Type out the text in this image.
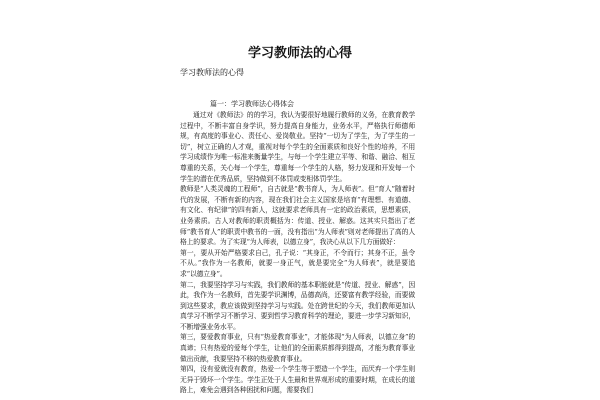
学习教师法的心得
学习教师法的心得

篇一：学习教师法心得体会

通过对《教师法》的的学习，我认为要很好地履行教师的义务，在教育教学过程中，不断丰富自身学识，努力提高自身能力，业务水平，严格执行师德师规，有高度的事业心、责任心、爱岗敬业。坚持“一切为了学生，为了学生的一切”，树立正确的人才观，重视对每个学生的全面素质和良好个性的培养，不用学习成绩作为唯一标准来衡量学生，与每一个学生建立平等、和谐、融洽、相互尊重的关系，关心每一个学生，尊重每一个学生的人格，努力发现和开发每一个学生的潜在优秀品质，坚持做到不体罚或变相体罚学生。

教师是“人类灵魂的工程师”，自古就是“教书育人，为人师表”。但“育人”随着时代的发展，不断有新的内容，现在我们社会主义国家是培育“有理想、有道德、有文化、有纪律”的四有新人，这就要求老师具有一定的政治素质，思想素质，业务素质。古人对教师的职责概括为：传道、授业、解惑。这其实只指出了老师“教书育人”的职责中教书的一面，没有指出“为人师表”则对老师提出了高的人格上的要求。为了实现“为人师表，以德立身”，我决心从以下几方面做好：

第一，要从开始严格要求自己，孔子说：“其身正，不令而行；其身不正，虽令不从。”我作为一名教师，就要一身正气，就是要完全“为人师表”，就是要追求“以德立身”。

第二，我要坚持学习与实践，我们教师的基本职能就是“传道、授业、解惑”，因此，我作为一名教师，首先要学识渊博，品德高尚，还要富有教学经验，而要做到这些要求，教应该做到坚持学习与实践。处在跨世纪的今天，我们教师更加认真学习不断学习不断学习、要到哲学习教育科学的理论，要进一步学习新知识，不断增强业务水平。

第三，要爱教育事业，只有“热爱教育事业”，才能体现“为人师表，以德立身”的真谛；只有热爱的爱每个学生，让他们的全面素质都得到提高，才能为教育事业做出贡献，我要坚持不移的热爱教育事业。

第四，没有爱就没有教育，热爱一个学生等于塑造一个学生，而厌弃一个学生则无异于毁坏一个学生。学生正处于人生最和世界观形成的重要时期，在成长的道路上，难免会遇到各种困扰和问题，需要我们
